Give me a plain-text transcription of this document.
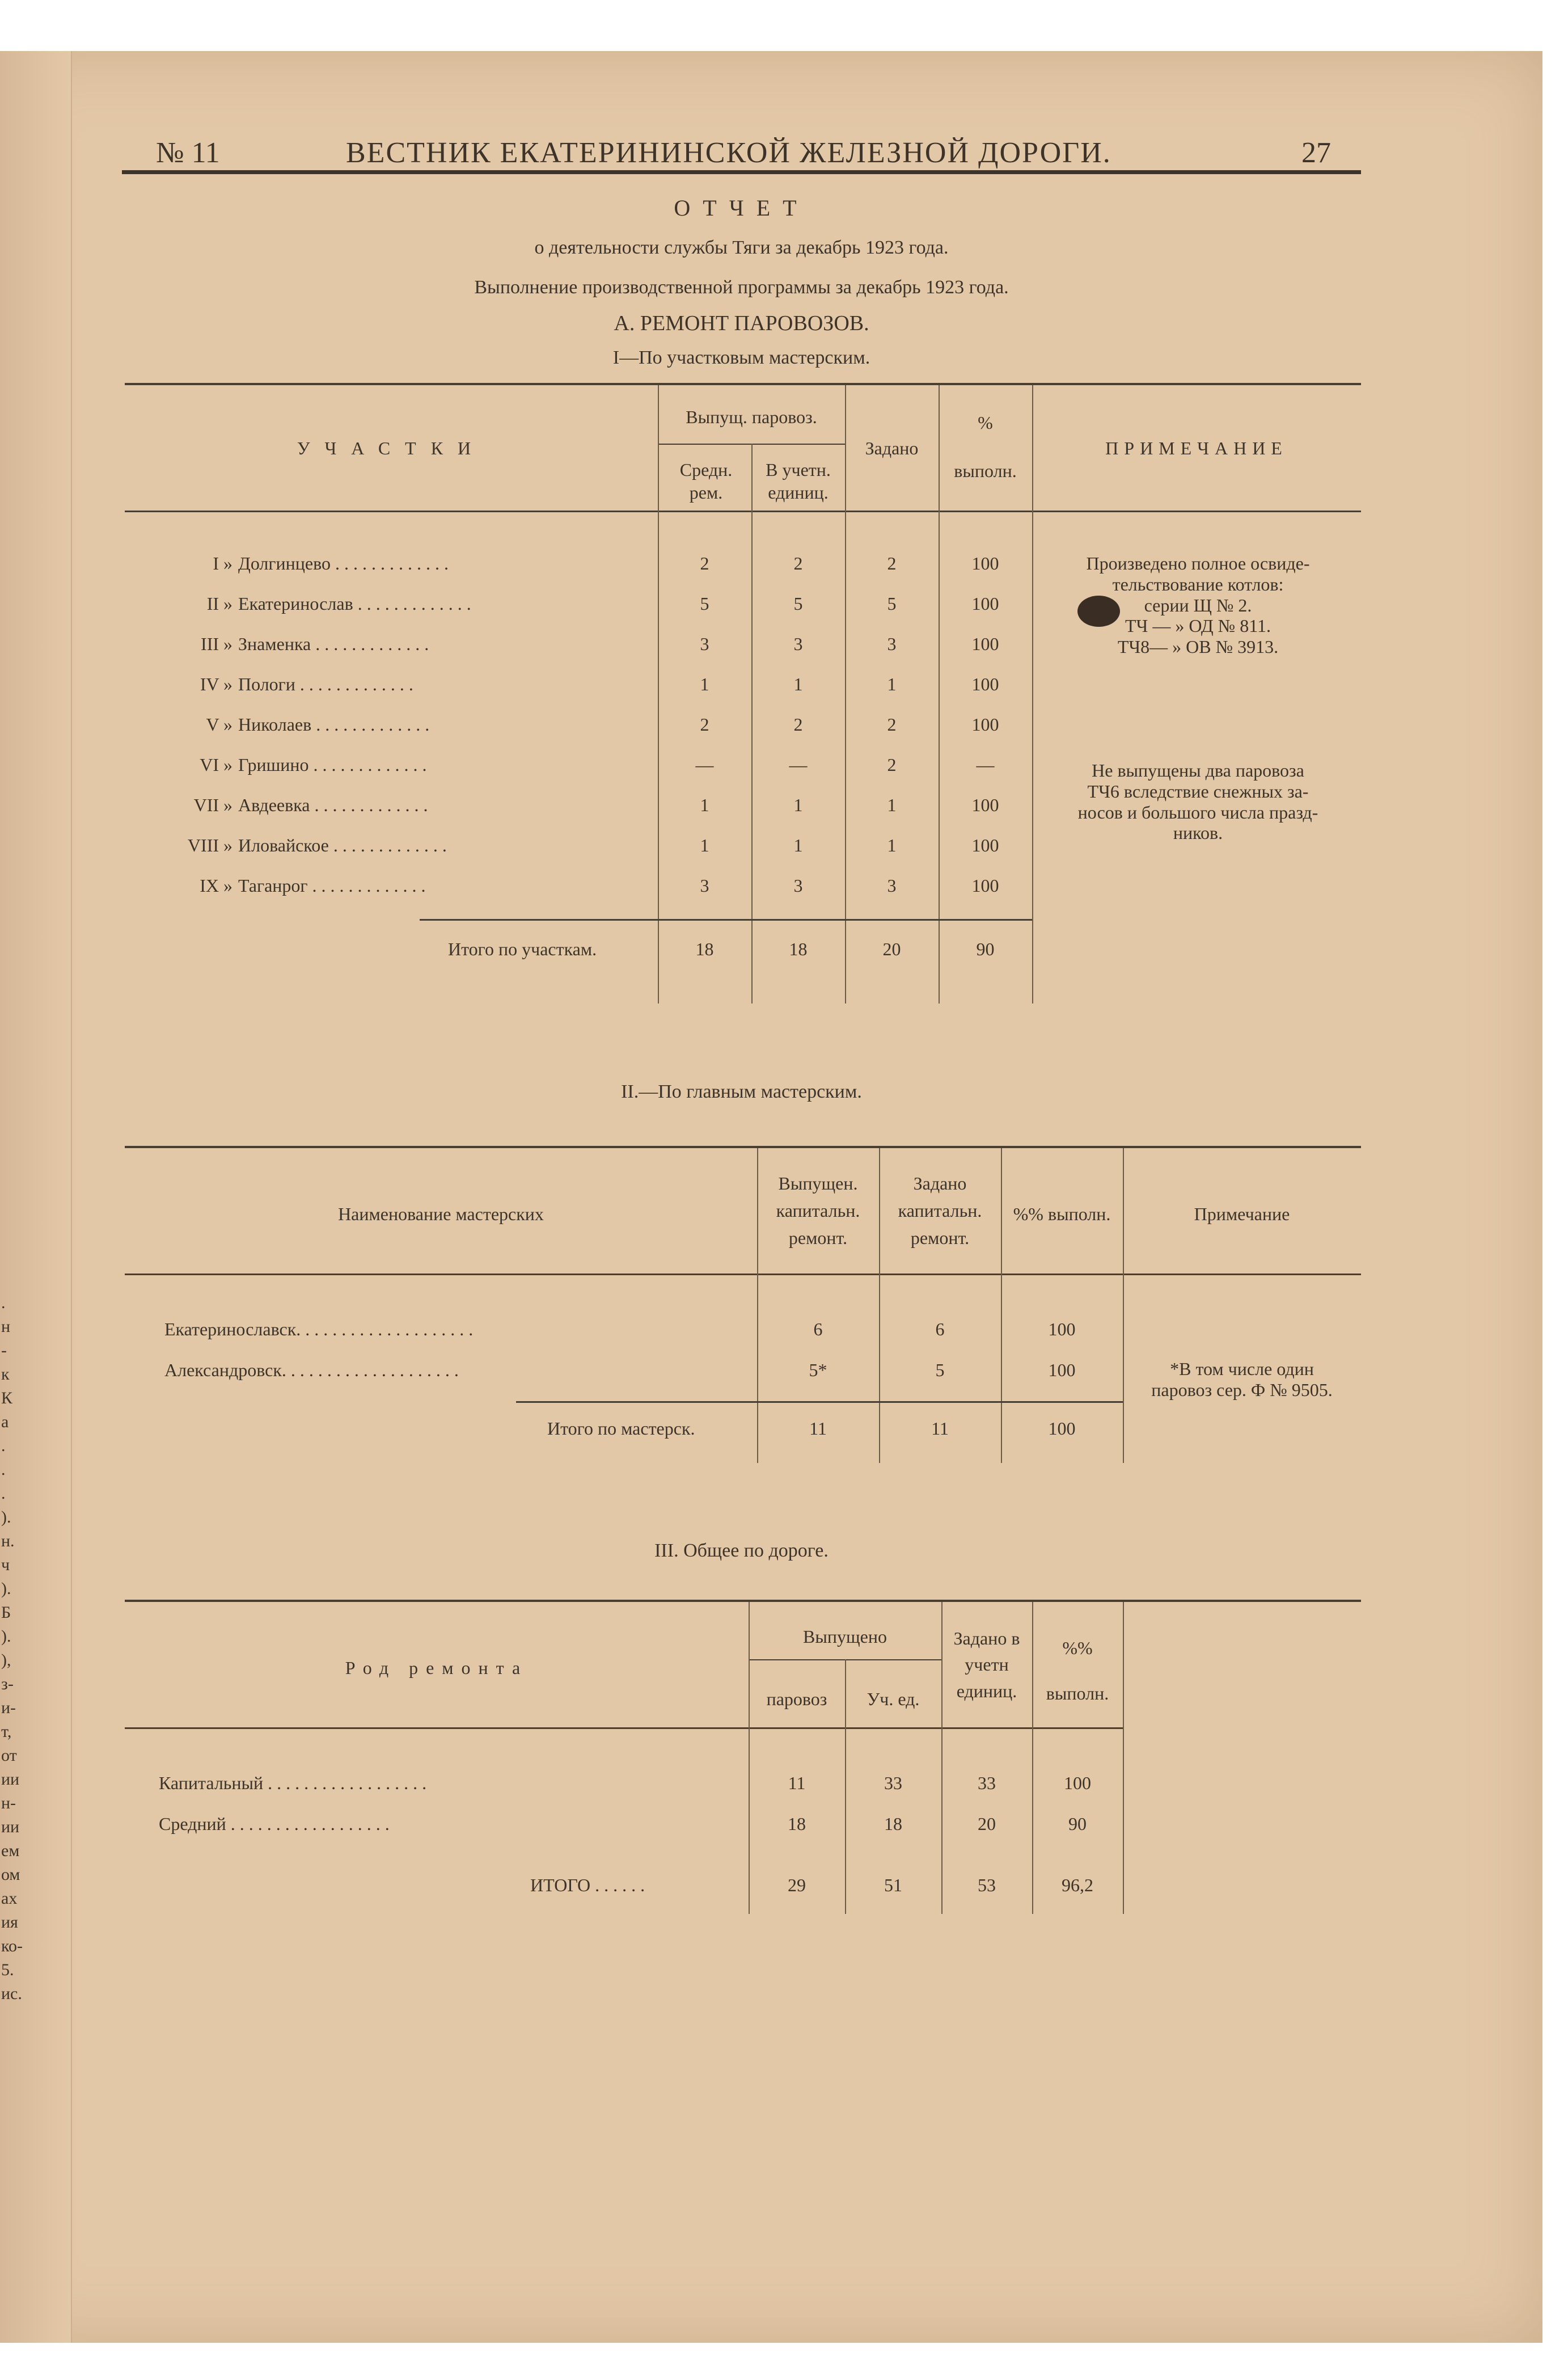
.
н
-
к
К
а
.
.
.
).
н.
ч
).
Б
).
),
з-
и-
т,
от
ии
н-
ии
ем
ом
ах
ия
ко-
5.
ис.
№ 11	ВЕСТНИК ЕКАТЕРИНИНСКОЙ ЖЕЛЕЗНОЙ ДОРОГИ.	27
ОТЧЕТ
о деятельности службы Тяги за декабрь 1923 года.
Выполнение производственной программы за декабрь 1923 года.
А. РЕМОНТ ПАРОВОЗОВ.
I—По участковым мастерским.
УЧАСТКИ
Выпущ. паровоз.
Средн. рем.
В учетн. единиц.
Задано
%
выполн.
ПРИМЕЧАНИЕ
I » Долгинцево . . . . . . . . . . . . .	2	2	2	100
II » Екатеринослав . . . . . . . . . . . . .	5	5	5	100
III » Знаменка . . . . . . . . . . . . .	3	3	3	100
IV » Пологи . . . . . . . . . . . . .	1	1	1	100
V » Николаев . . . . . . . . . . . . .	2	2	2	100
VI » Гришино . . . . . . . . . . . . .	—	—	2	—
VII » Авдеевка . . . . . . . . . . . . .	1	1	1	100
VIII » Иловайское . . . . . . . . . . . . .	1	1	1	100
IX » Таганрог . . . . . . . . . . . . .	3	3	3	100
Итого по участкам.	18	18	20	90
Произведено полное освиде-
тельствование котлов:
серии Щ № 2.
ТЧ — » ОД № 811.
ТЧ8— » ОВ № 3913.
Не выпущены два паровоза
ТЧ6 вследствие снежных за-
носов и большого числа празд-
ников.
II.—По главным мастерским.
Наименование мастерских
Выпущен. капитальн. ремонт.
Задано капитальн. ремонт.
%% выполн.	Примечание
Екатеринославск. . . . . . . . . . . . . . . . . . . .	6	6	100
Александровск. . . . . . . . . . . . . . . . . . . .	5*	5	100
Итого по мастерск.	11	11	100
*В том числе один
паровоз сер. Ф № 9505.
III. Общее по дороге.
Род ремонта
Выпущено
паровоз	Уч. ед.
Задано в учетн единиц.
%%
выполн.
Капитальный . . . . . . . . . . . . . . . . . .	11	33	33	100
Средний . . . . . . . . . . . . . . . . . .	18	18	20	90
ИТОГО . . . . . .	29	51	53	96,2
